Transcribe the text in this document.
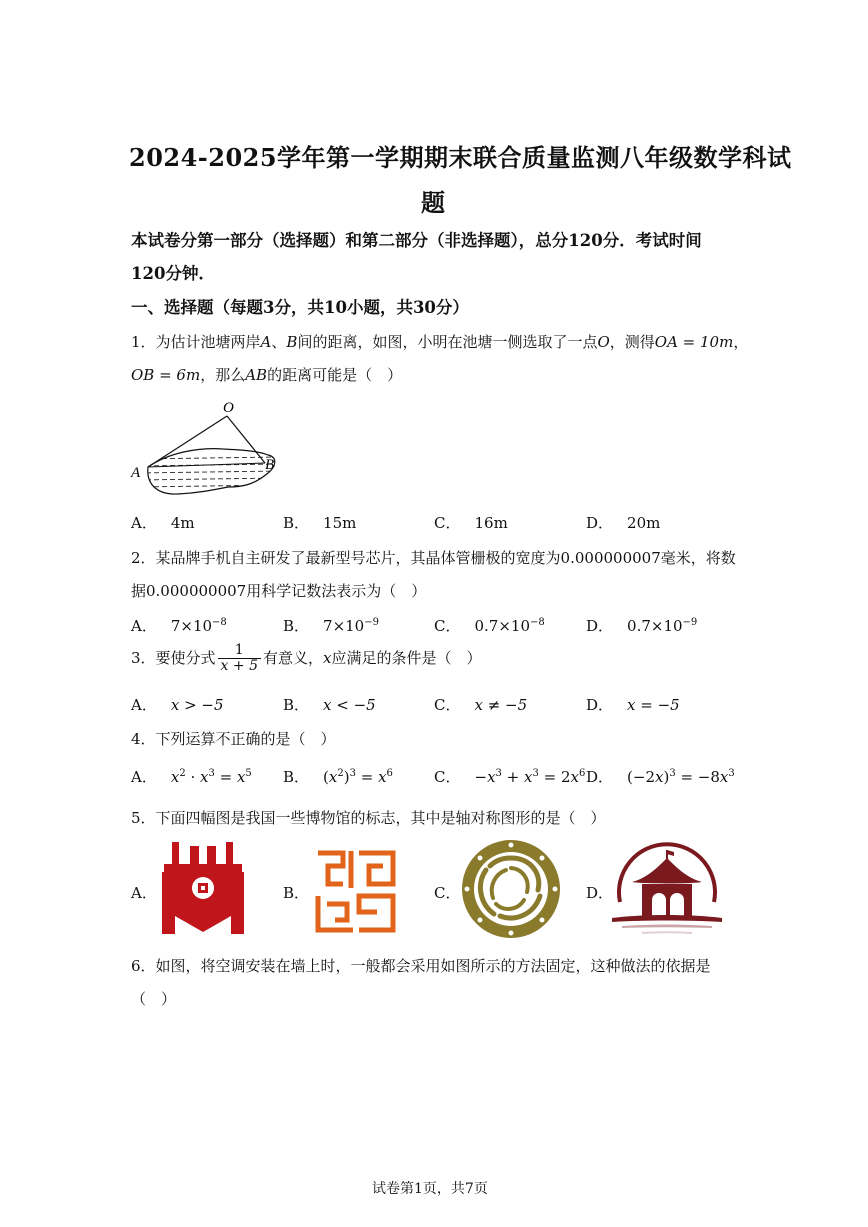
2024-2025学年第一学期期末联合质量监测八年级数学科试
题
本试卷分第一部分（选择题）和第二部分（非选择题），总分120分．考试时间
120分钟．
一、选择题（每题3分，共10小题，共30分）
1．为估计池塘两岸A、B间的距离，如图，小明在池塘一侧选取了一点O，测得OA = 10m，
OB = 6m，那么AB的距离可能是（　）
O
A	B
A． 4m	B． 15m	C． 16m	D． 20m
2．某品牌手机自主研发了最新型号芯片，其晶体管栅极的宽度为0.000000007毫米，将数
据0.000000007用科学记数法表示为（　）
A． $7\times 10^{-8}$	B． $7\times 10^{-9}$	C． $0.7\times 10^{-8}$	D． $0.7\times 10^{-9}$
3．要使分式 $\frac{1}{x + 5}$ 有意义，x应满足的条件是（　）
A． x > −5	B． x < −5	C． x ≠ −5	D． x = −5
4．下列运算不正确的是（　）
A． $x^2 \cdot x^3 = x^5$ B． $(x^2)^3 = x^6$	C． $-x^3 + x^3 = 2x^6$ D． $(-2x)^3 = -8x^3$
5．下面四幅图是我国一些博物馆的标志，其中是轴对称图形的是（　）
A．	B．	C．	D．
6．如图，将空调安装在墙上时，一般都会采用如图所示的方法固定，这种做法的依据是
（　）
试卷第1页，共7页
